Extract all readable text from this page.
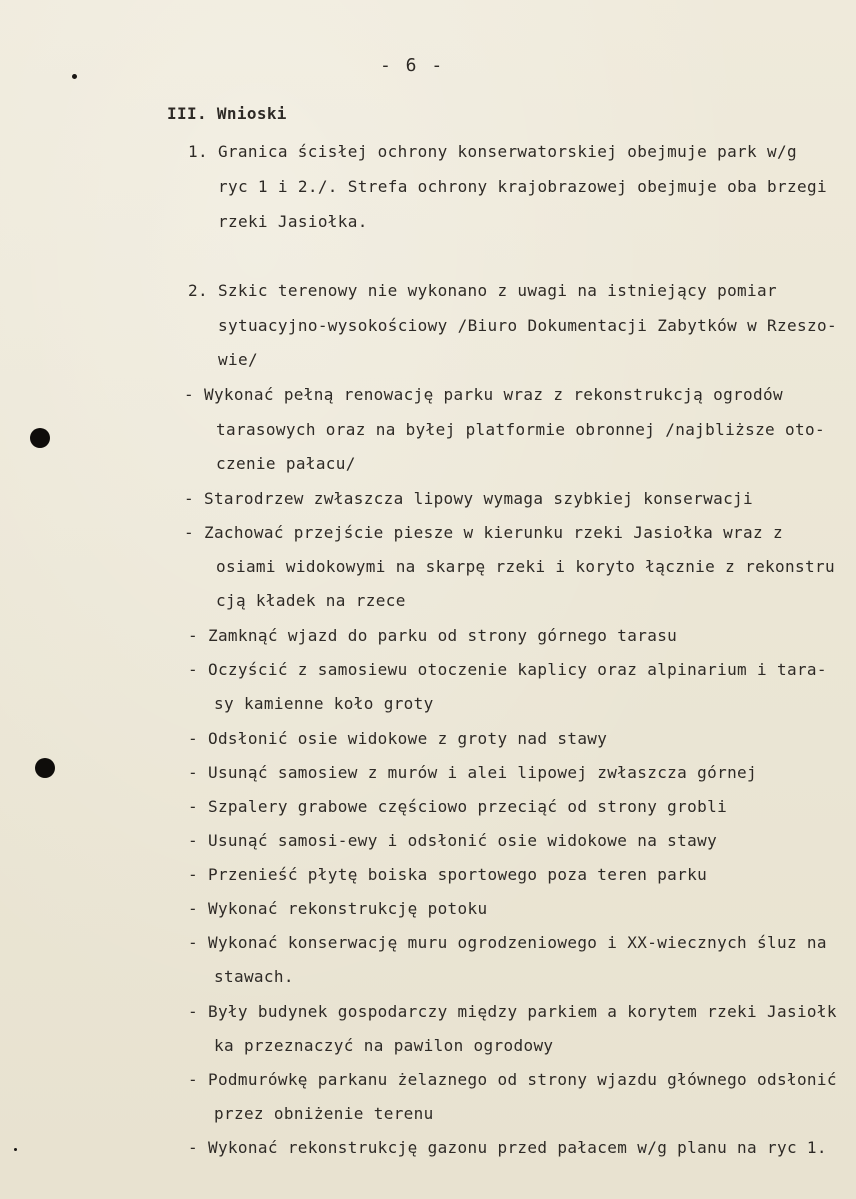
- 6 -
III. Wnioski
1. Granica ścisłej ochrony konserwatorskiej obejmuje park w/g
ryc 1 i 2./. Strefa ochrony krajobrazowej obejmuje oba brzegi
rzeki Jasiołka.
2. Szkic terenowy nie wykonano z uwagi na istniejący pomiar
sytuacyjno-wysokościowy /Biuro Dokumentacji Zabytków w Rzeszo-
wie/
- Wykonać pełną renowację parku wraz z rekonstrukcją ogrodów
tarasowych oraz na byłej platformie obronnej /najbliższe oto-
czenie pałacu/
- Starodrzew zwłaszcza lipowy wymaga szybkiej konserwacji
- Zachować przejście piesze w kierunku rzeki Jasiołka wraz z
osiami widokowymi na skarpę rzeki i koryto łącznie z rekonstru
cją kładek na rzece
- Zamknąć wjazd do parku od strony górnego tarasu
- Oczyścić z samosiewu otoczenie kaplicy oraz alpinarium i tara-
sy kamienne koło groty
- Odsłonić osie widokowe z groty nad stawy
- Usunąć samosiew z murów i alei lipowej zwłaszcza górnej
- Szpalery grabowe częściowo przeciąć od strony grobli
- Usunąć samosi-ewy i odsłonić osie widokowe na stawy
- Przenieść płytę boiska sportowego poza teren parku
- Wykonać rekonstrukcję potoku
- Wykonać konserwację muru ogrodzeniowego i XX-wiecznych śluz na
stawach.
- Były budynek gospodarczy między parkiem a korytem rzeki Jasiołk
ka przeznaczyć na pawilon ogrodowy
- Podmurówkę parkanu żelaznego od strony wjazdu głównego odsłonić
przez obniżenie terenu
- Wykonać rekonstrukcję gazonu przed pałacem w/g planu na ryc 1.
